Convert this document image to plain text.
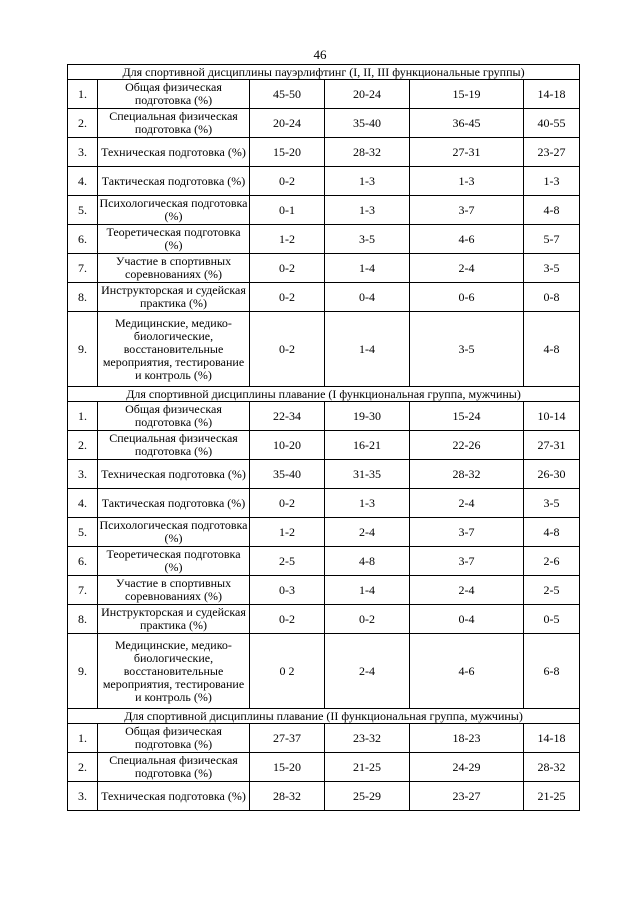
46
Для спортивной дисциплины пауэрлифтинг (I, II, III функциональные группы)					
1.	Общая физическая подготовка (%)	45-50	20-24	15-19	14-18
2.	Специальная физическая подготовка (%)	20-24	35-40	36-45	40-55
3.	Техническая подготовка (%)	15-20	28-32	27-31	23-27
4.	Тактическая подготовка (%)	0-2	1-3	1-3	1-3
5.	Психологическая подготовка (%)	0-1	1-3	3-7	4-8
6.	Теоретическая подготовка (%)	1-2	3-5	4-6	5-7
7.	Участие в спортивных соревнованиях (%)	0-2	1-4	2-4	3-5
8.	Инструкторская и судейская практика (%)	0-2	0-4	0-6	0-8
9.	Медицинские, медико-биологические, восстановительные мероприятия, тестирование и контроль (%)	0-2	1-4	3-5	4-8
Для спортивной дисциплины плавание (I функциональная группа, мужчины)					
1.	Общая физическая подготовка (%)	22-34	19-30	15-24	10-14
2.	Специальная физическая подготовка (%)	10-20	16-21	22-26	27-31
3.	Техническая подготовка (%)	35-40	31-35	28-32	26-30
4.	Тактическая подготовка (%)	0-2	1-3	2-4	3-5
5.	Психологическая подготовка (%)	1-2	2-4	3-7	4-8
6.	Теоретическая подготовка (%)	2-5	4-8	3-7	2-6
7.	Участие в спортивных соревнованиях (%)	0-3	1-4	2-4	2-5
8.	Инструкторская и судейская практика (%)	0-2	0-2	0-4	0-5
9.	Медицинские, медико-биологические, восстановительные мероприятия, тестирование и контроль (%)	0 2	2-4	4-6	6-8
Для спортивной дисциплины плавание (II функциональная группа, мужчины)					
1.	Общая физическая подготовка (%)	27-37	23-32	18-23	14-18
2.	Специальная физическая подготовка (%)	15-20	21-25	24-29	28-32
3.	Техническая подготовка (%)	28-32	25-29	23-27	21-25
